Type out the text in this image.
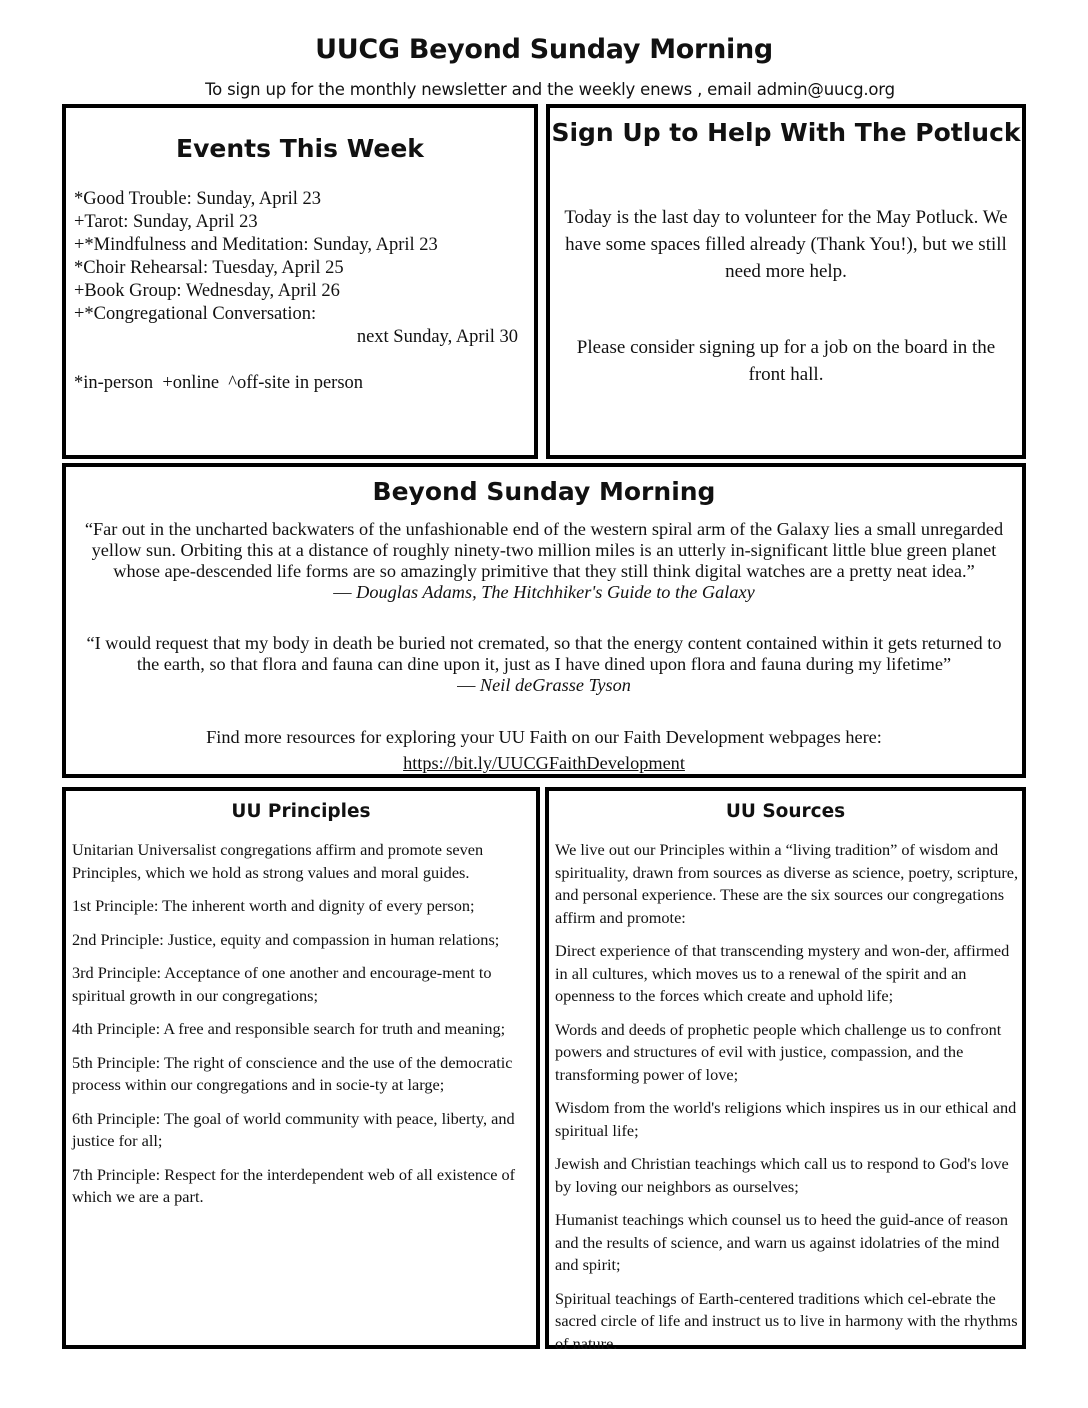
UUCG Beyond Sunday Morning
To sign up for the monthly newsletter and the weekly enews , email admin@uucg.org
Events This Week
*Good Trouble: Sunday, April 23
+Tarot: Sunday, April 23
+*Mindfulness and Meditation: Sunday, April 23
*Choir Rehearsal: Tuesday, April 25
+Book Group: Wednesday, April 26
+*Congregational Conversation:
next Sunday, April 30
*in-person  +online  ^off-site in person
Sign Up to Help With The Potluck

Today is the last day to volunteer for the May Potluck. We have some spaces filled already (Thank You!), but we still need more help.

Please consider signing up for a job on the board in the front hall.

Beyond Sunday Morning
“Far out in the uncharted backwaters of the unfashionable end of the western spiral arm of the Galaxy lies a small unregarded yellow sun. Orbiting this at a distance of roughly ninety-two million miles is an utterly in-significant little blue green planet whose ape-descended life forms are so amazingly primitive that they still think digital watches are a pretty neat idea.”
― Douglas Adams, The Hitchhiker's Guide to the Galaxy
“I would request that my body in death be buried not cremated, so that the energy content contained within it gets returned to the earth, so that flora and fauna can dine upon it, just as I have dined upon flora and fauna during my lifetime”
― Neil deGrasse Tyson
Find more resources for exploring your UU Faith on our Faith Development webpages here: https://bit.ly/UUCGFaithDevelopment
UU Principles

Unitarian Universalist congregations affirm and promote seven Principles, which we hold as strong values and moral guides.

1st Principle: The inherent worth and dignity of every person;

2nd Principle: Justice, equity and compassion in human relations;

3rd Principle: Acceptance of one another and encourage-ment to spiritual growth in our congregations;

4th Principle: A free and responsible search for truth and meaning;

5th Principle: The right of conscience and the use of the democratic process within our congregations and in socie-ty at large;

6th Principle: The goal of world community with peace, liberty, and justice for all;

7th Principle: Respect for the interdependent web of all existence of which we are a part.

UU Sources

We live out our Principles within a “living tradition” of wisdom and spirituality, drawn from sources as diverse as science, poetry, scripture, and personal experience. These are the six sources our congregations affirm and promote:

Direct experience of that transcending mystery and won-der, affirmed in all cultures, which moves us to a renewal of the spirit and an openness to the forces which create and uphold life;

Words and deeds of prophetic people which challenge us to confront powers and structures of evil with justice, compassion, and the transforming power of love;

Wisdom from the world's religions which inspires us in our ethical and spiritual life;

Jewish and Christian teachings which call us to respond to God's love by loving our neighbors as ourselves;

Humanist teachings which counsel us to heed the guid-ance of reason and the results of science, and warn us against idolatries of the mind and spirit;

Spiritual teachings of Earth-centered traditions which cel-ebrate the sacred circle of life and instruct us to live in harmony with the rhythms of nature.
